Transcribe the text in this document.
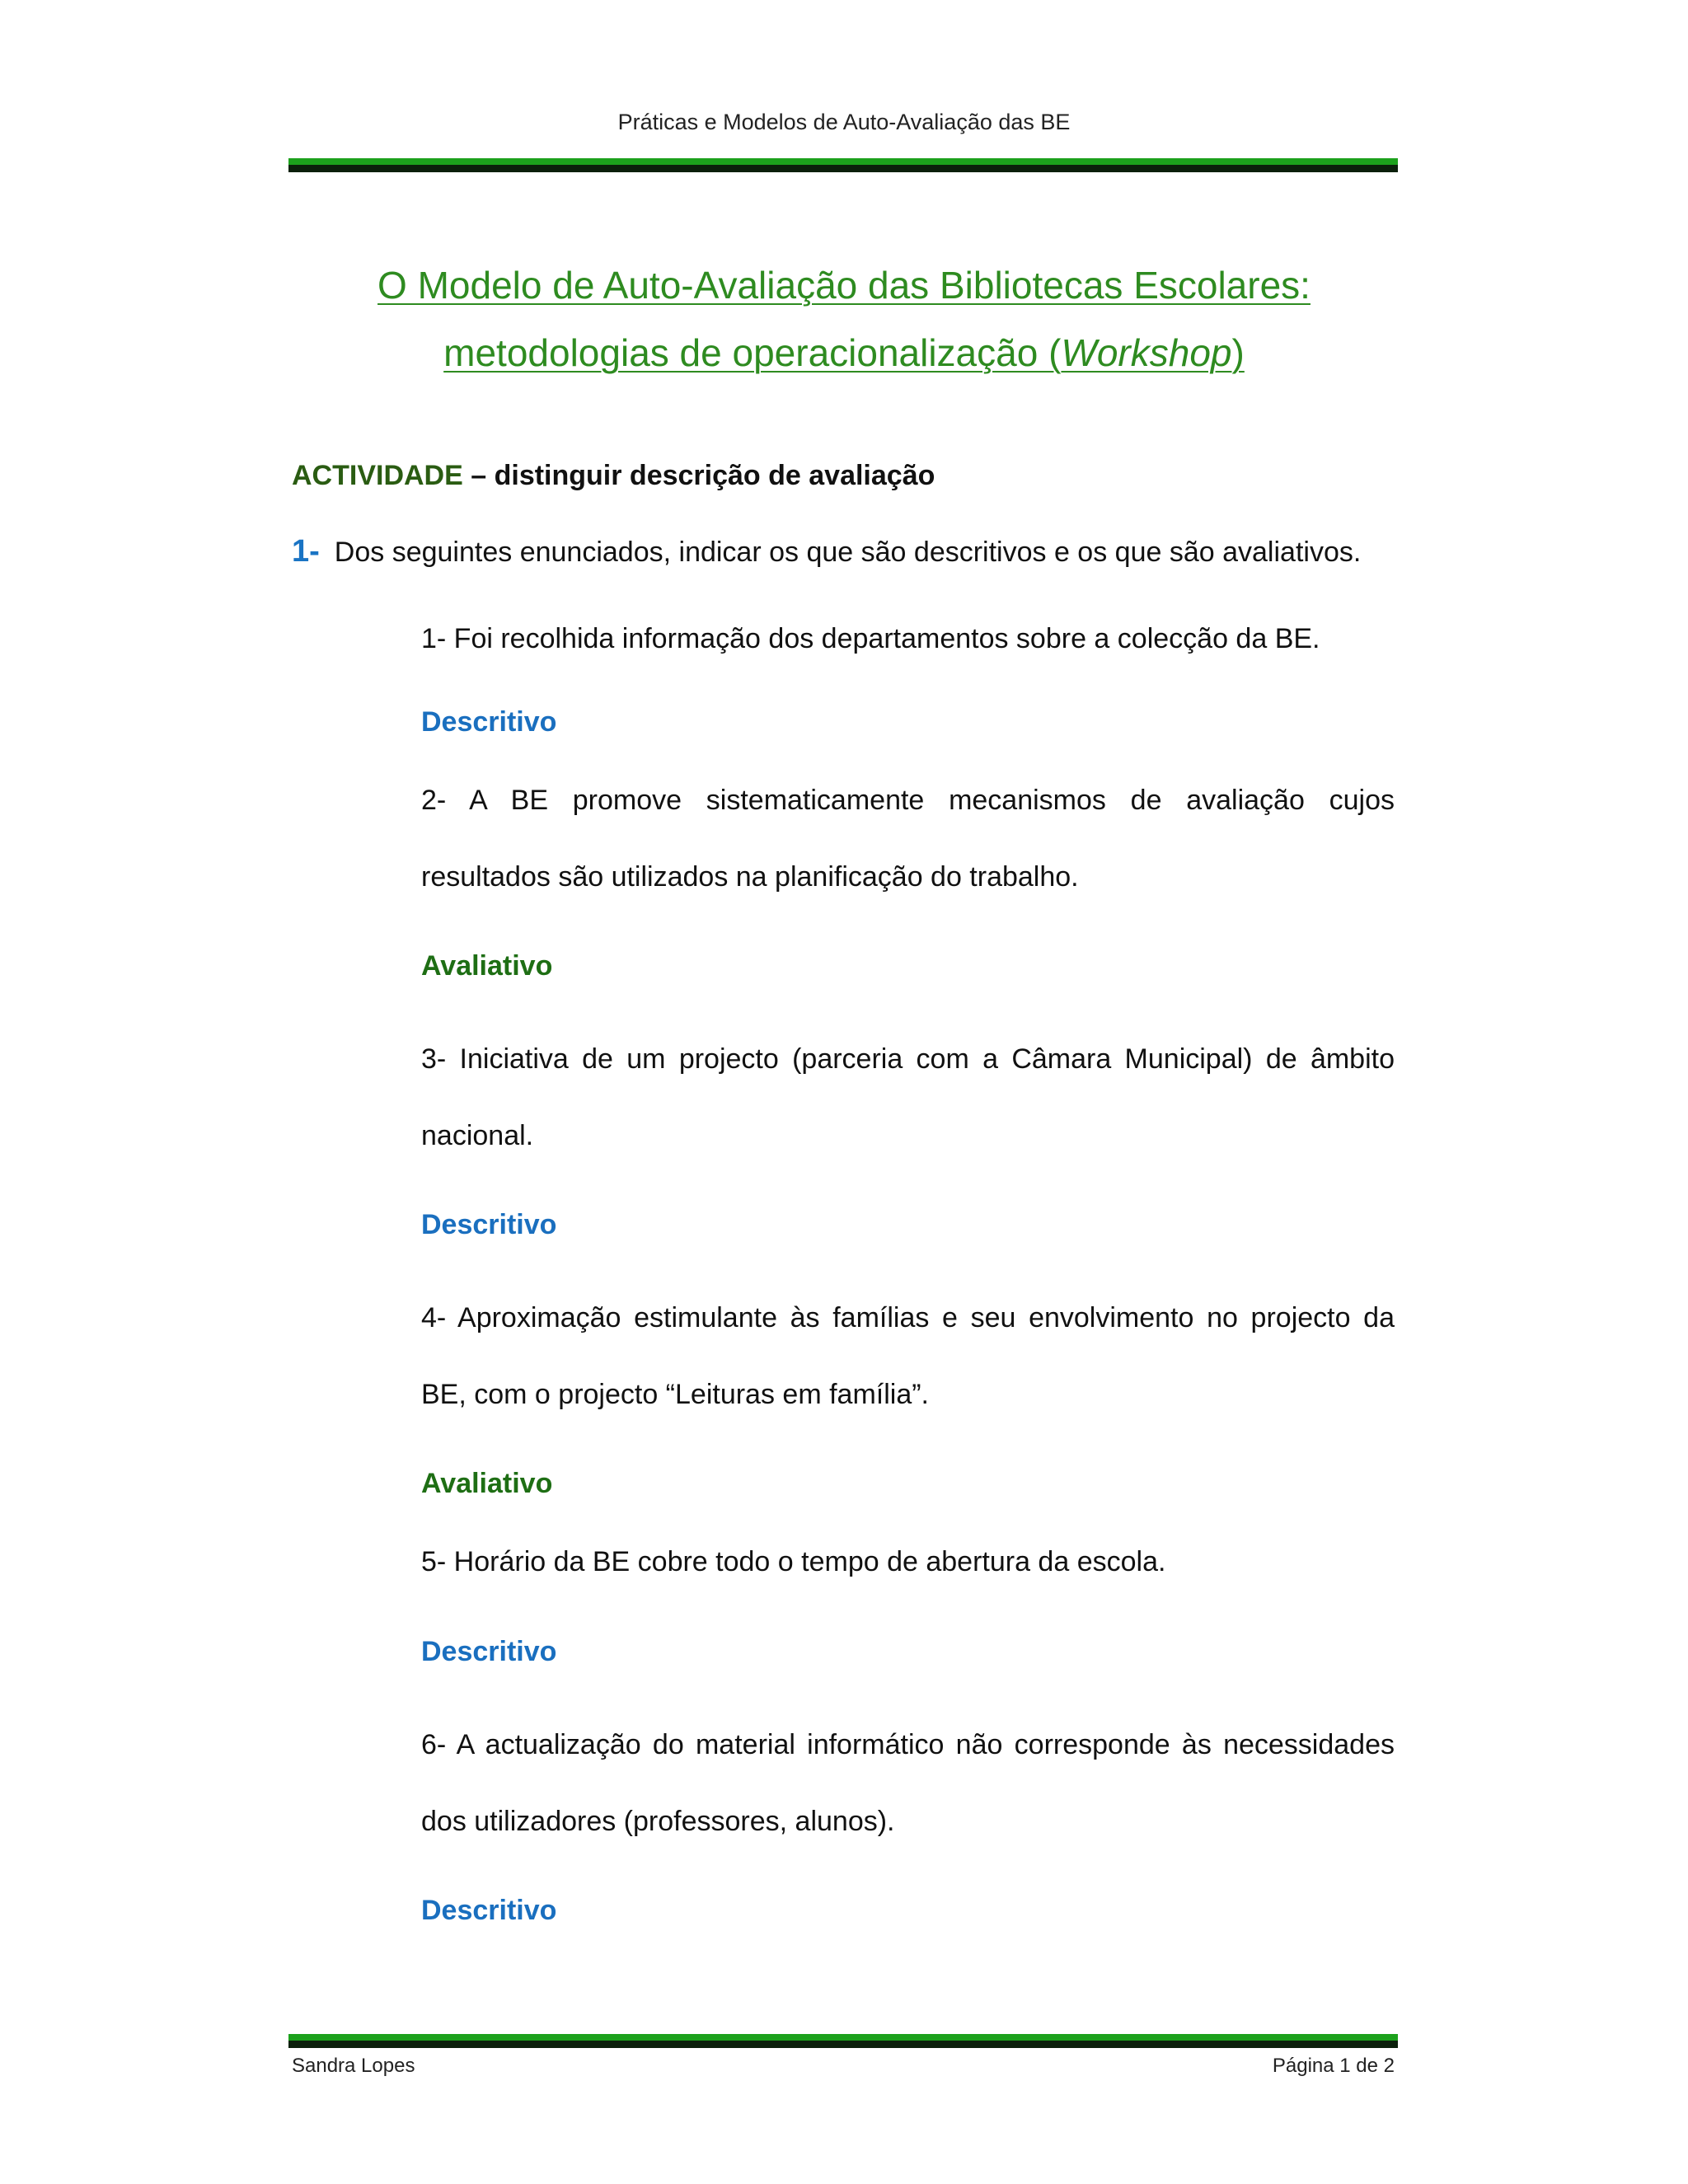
Práticas e Modelos de Auto-Avaliação das BE
O Modelo de Auto-Avaliação das Bibliotecas Escolares:
metodologias de operacionalização (Workshop)
ACTIVIDADE – distinguir descrição de avaliação
1- Dos seguintes enunciados, indicar os que são descritivos e os que são avaliativos.
1- Foi recolhida informação dos departamentos sobre a colecção da BE.
Descritivo
2- A BE promove sistematicamente mecanismos de avaliação cujos resultados são utilizados na planificação do trabalho.
Avaliativo
3- Iniciativa de um projecto (parceria com a Câmara Municipal) de âmbito nacional.
Descritivo
4- Aproximação estimulante às famílias e seu envolvimento no projecto da BE, com o projecto “Leituras em família”.
Avaliativo
5- Horário da BE cobre todo o tempo de abertura da escola.
Descritivo
6- A actualização do material informático não corresponde às necessidades dos utilizadores (professores, alunos).
Descritivo
Sandra Lopes	Página 1 de 2
